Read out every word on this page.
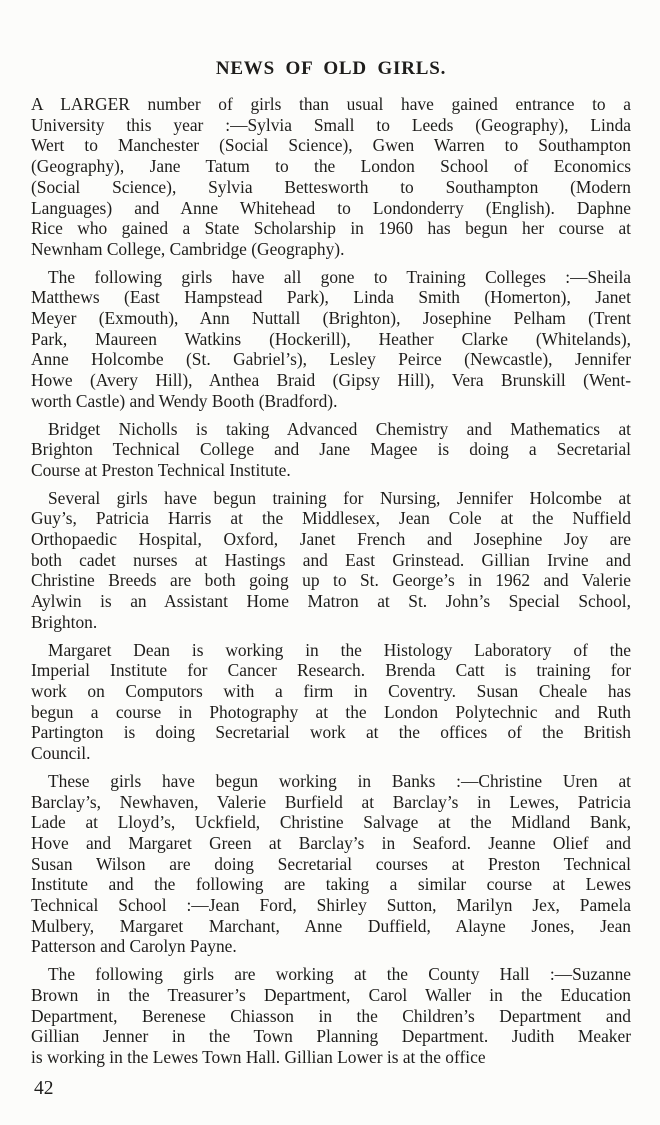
NEWS OF OLD GIRLS.

A LARGER number of girls than usual have gained entrance to a
University this year :—Sylvia Small to Leeds (Geography), Linda
Wert to Manchester (Social Science), Gwen Warren to Southampton
(Geography), Jane Tatum to the London School of Economics
(Social Science), Sylvia Bettesworth to Southampton (Modern
Languages) and Anne Whitehead to Londonderry (English). Daphne
Rice who gained a State Scholarship in 1960 has begun her course at
Newnham College, Cambridge (Geography).

The following girls have all gone to Training Colleges :—Sheila
Matthews (East Hampstead Park), Linda Smith (Homerton), Janet
Meyer (Exmouth), Ann Nuttall (Brighton), Josephine Pelham (Trent
Park, Maureen Watkins (Hockerill), Heather Clarke (Whitelands),
Anne Holcombe (St. Gabriel’s), Lesley Peirce (Newcastle), Jennifer
Howe (Avery Hill), Anthea Braid (Gipsy Hill), Vera Brunskill (Went-
worth Castle) and Wendy Booth (Bradford).

Bridget Nicholls is taking Advanced Chemistry and Mathematics at
Brighton Technical College and Jane Magee is doing a Secretarial
Course at Preston Technical Institute.

Several girls have begun training for Nursing, Jennifer Holcombe at
Guy’s, Patricia Harris at the Middlesex, Jean Cole at the Nuffield
Orthopaedic Hospital, Oxford, Janet French and Josephine Joy are
both cadet nurses at Hastings and East Grinstead. Gillian Irvine and
Christine Breeds are both going up to St. George’s in 1962 and Valerie
Aylwin is an Assistant Home Matron at St. John’s Special School,
Brighton.

Margaret Dean is working in the Histology Laboratory of the
Imperial Institute for Cancer Research. Brenda Catt is training for
work on Computors with a firm in Coventry. Susan Cheale has
begun a course in Photography at the London Polytechnic and Ruth
Partington is doing Secretarial work at the offices of the British
Council.

These girls have begun working in Banks :—Christine Uren at
Barclay’s, Newhaven, Valerie Burfield at Barclay’s in Lewes, Patricia
Lade at Lloyd’s, Uckfield, Christine Salvage at the Midland Bank,
Hove and Margaret Green at Barclay’s in Seaford. Jeanne Olief and
Susan Wilson are doing Secretarial courses at Preston Technical
Institute and the following are taking a similar course at Lewes
Technical School :—Jean Ford, Shirley Sutton, Marilyn Jex, Pamela
Mulbery, Margaret Marchant, Anne Duffield, Alayne Jones, Jean
Patterson and Carolyn Payne.

The following girls are working at the County Hall :—Suzanne
Brown in the Treasurer’s Department, Carol Waller in the Education
Department, Berenese Chiasson in the Children’s Department and
Gillian Jenner in the Town Planning Department. Judith Meaker
is working in the Lewes Town Hall. Gillian Lower is at the office

42
